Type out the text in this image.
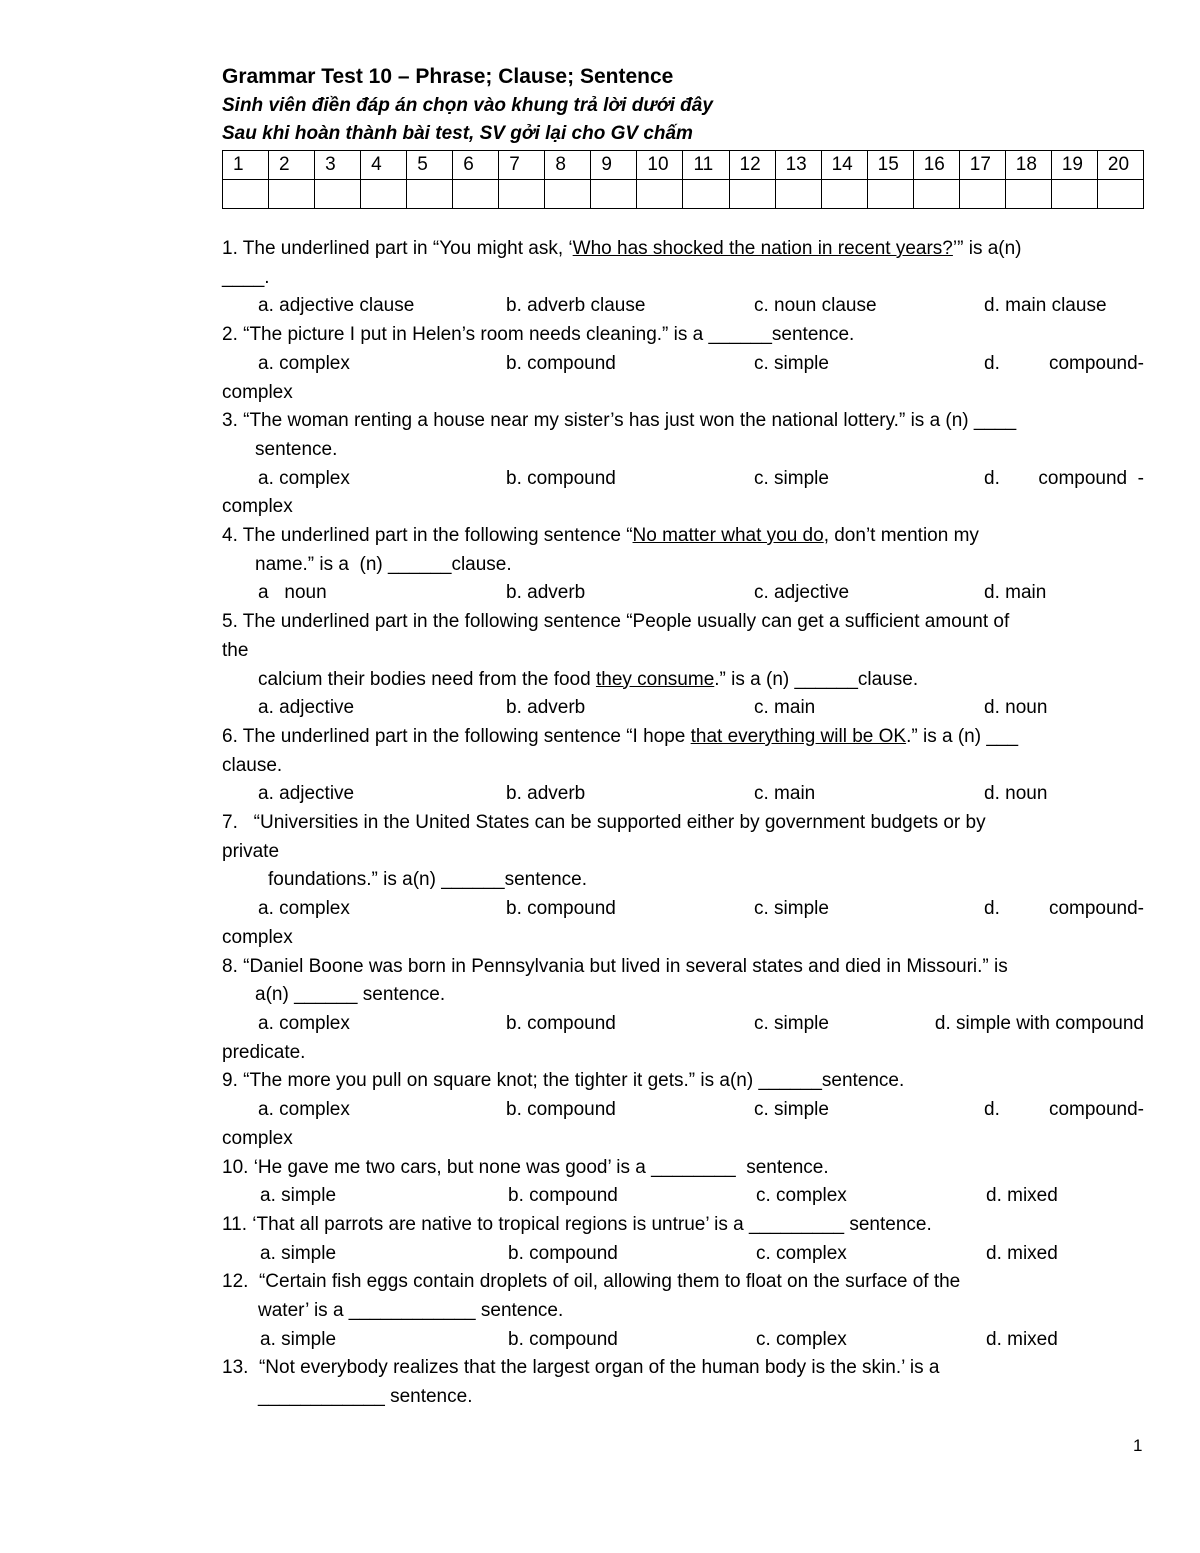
Grammar Test 10 – Phrase; Clause; Sentence

Sinh viên điền đáp án chọn vào khung trả lời dưới đây

Sau khi hoàn thành bài test, SV gởi lại cho GV chấm

1	2	3	4	5	6	7	8	9	10	11	12	13	14	15	16	17	18	19	20

1. The underlined part in “You might ask, ‘Who has shocked the nation in recent years?’” is a(n)
____.
a. adjective clause	b. adverb clause	c. noun clause	d. main clause
2. “The picture I put in Helen’s room needs cleaning.” is a ______sentence.
a. complex	b. compound	c. simple	d.	compound-
complex
3. “The woman renting a house near my sister’s has just won the national lottery.” is a (n) ____
sentence.
a. complex	b. compound	c. simple	d. compound  -
complex
4. The underlined part in the following sentence “No matter what you do, don’t mention my
name.” is a  (n) ______clause.
a   noun	b. adverb	c. adjective	d. main
5. The underlined part in the following sentence “People usually can get a sufficient amount of
the
calcium their bodies need from the food they consume.” is a (n) ______clause.
a. adjective	b. adverb	c. main	d. noun
6. The underlined part in the following sentence “I hope that everything will be OK.” is a (n) ___
clause.
a. adjective	b. adverb	c. main	d. noun
7.   “Universities in the United States can be supported either by government budgets or by
private
foundations.” is a(n) ______sentence.
a. complex	b. compound	c. simple	d.	compound-
complex
8. “Daniel Boone was born in Pennsylvania but lived in several states and died in Missouri.” is
a(n) ______ sentence.
a. complex	b. compound	c. simple	d. simple with compound
predicate.
9. “The more you pull on square knot; the tighter it gets.” is a(n) ______sentence.
a. complex	b. compound	c. simple	d.	compound-
complex
10. ‘He gave me two cars, but none was good’ is a ________  sentence.
a. simple	b. compound	c. complex	d. mixed
11. ‘That all parrots are native to tropical regions is untrue’ is a _________ sentence.
a. simple	b. compound	c. complex	d. mixed
12.  “Certain fish eggs contain droplets of oil, allowing them to float on the surface of the
water’ is a ____________ sentence.
a. simple	b. compound	c. complex	d. mixed
13.  “Not everybody realizes that the largest organ of the human body is the skin.’ is a
____________ sentence.
1
